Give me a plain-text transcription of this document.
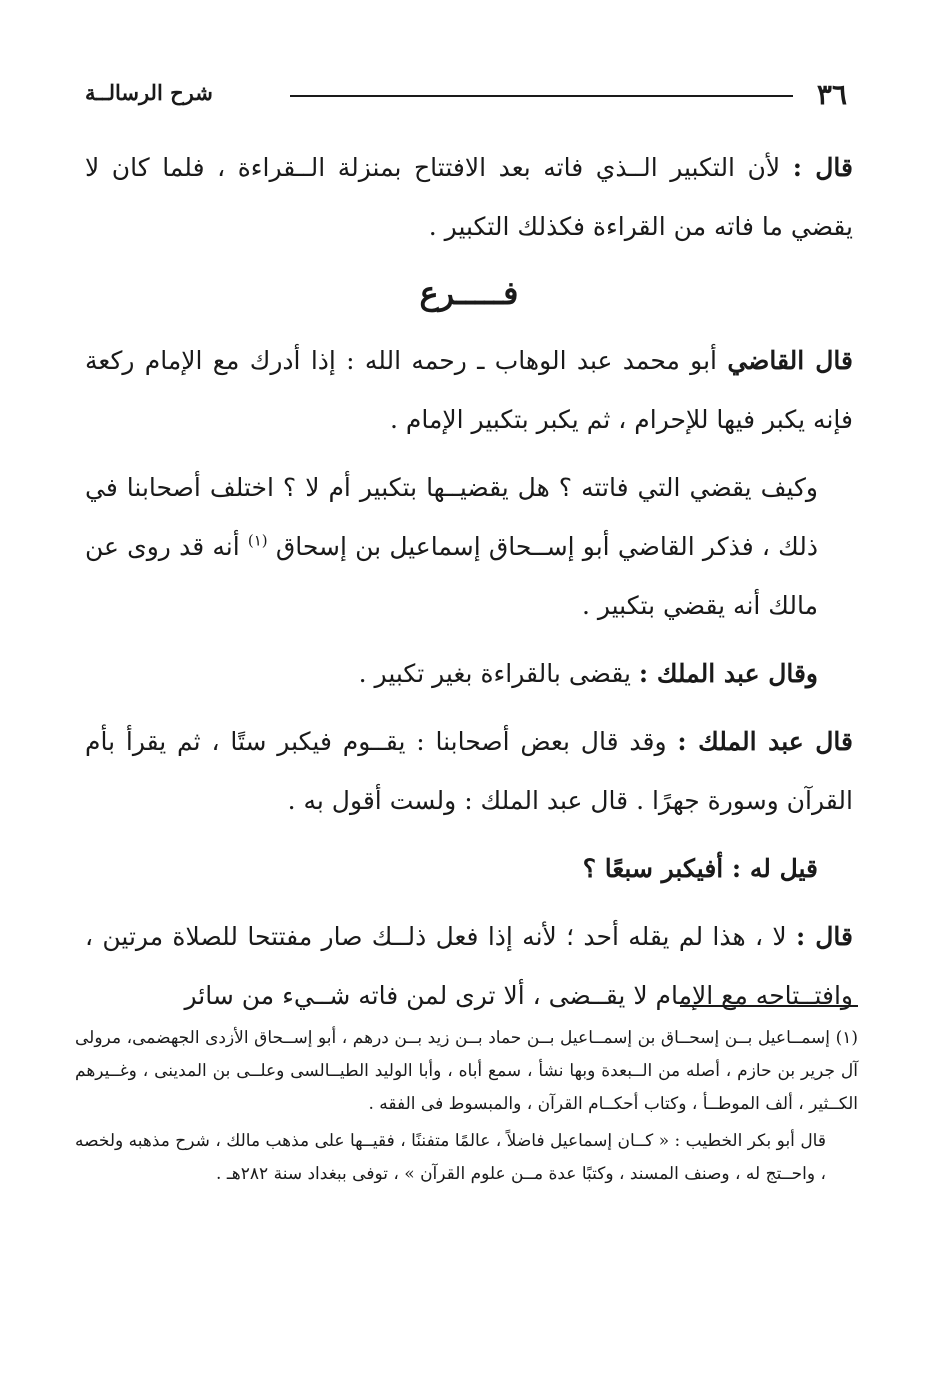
٣٦
شرح الرسالــة

قال : لأن التكبير الــذي فاته بعد الافتتاح بمنزلة الــقراءة ، فلما كان لا يقضي ما فاته من القراءة فكذلك التكبير .

فـــــرع

قال القاضي أبو محمد عبد الوهاب ـ رحمه الله : إذا أدرك مع الإمام ركعة فإنه يكبر فيها للإحرام ، ثم يكبر بتكبير الإمام .

وكيف يقضي التي فاتته ؟ هل يقضيــها بتكبير أم لا ؟ اختلف أصحابنا في ذلك ، فذكر القاضي أبو إســحاق إسماعيل بن إسحاق $^{(١)}$ أنه قد روى عن مالك أنه يقضي بتكبير .

وقال عبد الملك : يقضى بالقراءة بغير تكبير .

قال عبد الملك : وقد قال بعض أصحابنا : يقــوم فيكبر ستًا ، ثم يقرأ بأم القرآن وسورة جهرًا . قال عبد الملك : ولست أقول به .

قيل له : أفيكبر سبعًا ؟

قال : لا ، هذا لم يقله أحد ؛ لأنه إذا فعل ذلــك صار مفتتحا للصلاة مرتين ، وافتــتاحه مع الإمام لا يقــضى ، ألا ترى لمن فاته شــيء من سائر

(١) إسمــاعيل بــن إسحــاق بن إسمــاعيل بــن حماد بــن زيد بــن درهم ، أبو إســحاق الأزدى الجهضمى، مرولى آل جرير بن حازم ، أصله من الــبعدة وبها نشأ ، سمع أباه ، وأبا الوليد الطيــالسى وعلــى بن المدينى ، وغــيرهم الكــثير ، ألف الموطــأ ، وكتاب أحكــام القرآن ، والمبسوط فى الفقه .

قال أبو بكر الخطيب : « كــان إسماعيل فاضلاً ، عالمًا متفننًا ، فقيــها على مذهب مالك ، شرح مذهبه ولخصه ، واحــتج له ، وصنف المسند ، وكتبًا عدة مــن علوم القرآن » ، توفى ببغداد سنة ٢٨٢هـ .
